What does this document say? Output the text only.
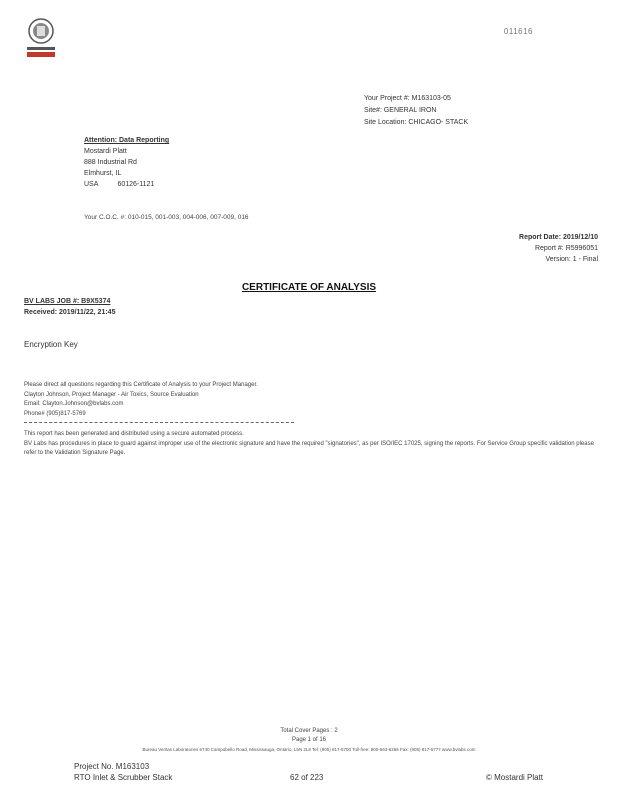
011616
Your Project #: M163103-05
Site#: GENERAL IRON
Site Location: CHICAGO- STACK
Attention: Data Reporting
Mostardi Platt
888 Industrial Rd
Elmhurst, IL
USA          60126-1121
Your C.O.C. #: 010-015, 001-003, 004-006, 007-009, 016
Report Date: 2019/12/10
Report #: R5996051
Version: 1 - Final
CERTIFICATE OF ANALYSIS
BV LABS JOB #: B9X5374
Received: 2019/11/22, 21:45
Encryption Key
Please direct all questions regarding this Certificate of Analysis to your Project Manager.
Clayton Johnson, Project Manager - Air Toxics, Source Evaluation
Email: Clayton.Johnson@bvlabs.com
Phone# (905)817-5769
This report has been generated and distributed using a secure automated process.
BV Labs has procedures in place to guard against improper use of the electronic signature and have the required "signatories", as per ISO/IEC 17025, signing the reports. For Service Group specific validation please refer to the Validation Signature Page.
Total Cover Pages : 2
Page 1 of 16
Bureau Veritas Laboratories 6740 Campobello Road, Mississauga, Ontario, L5N 2L8 Tel: (905) 817-5700 Toll-free: 800-563-6266 Fax: (905) 817-5777 www.bvlabs.com
Project No. M163103
RTO Inlet & Scrubber Stack	62 of 223	© Mostardi Platt
